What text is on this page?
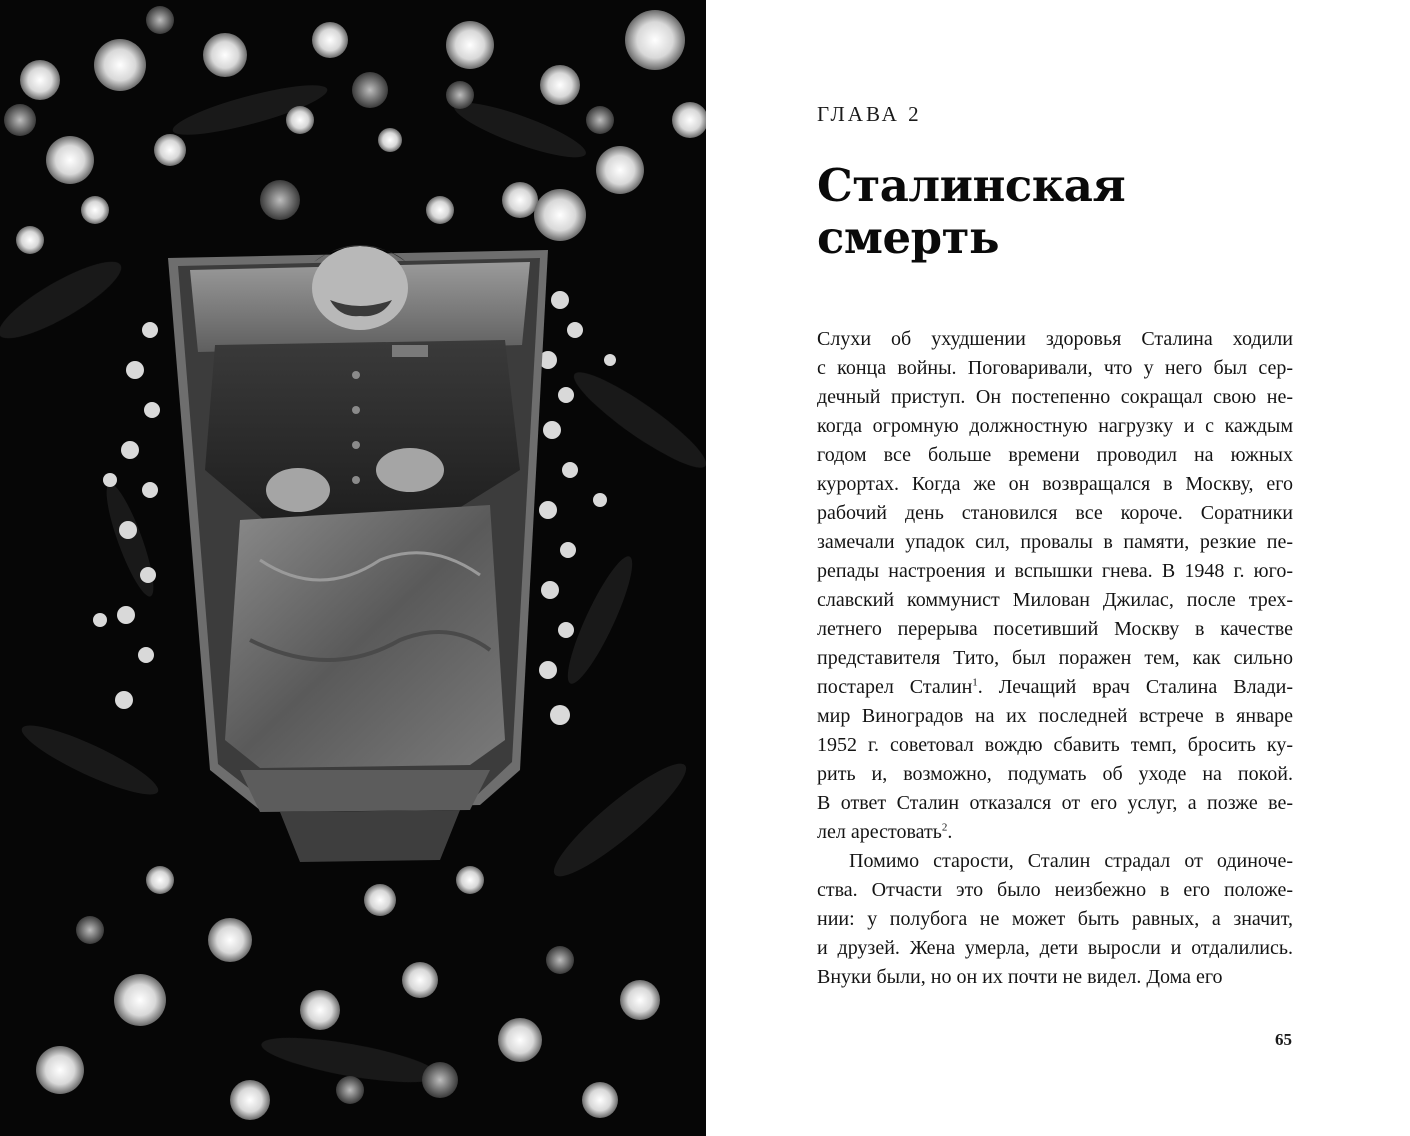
ГЛАВА 2
Сталинская
смерть
Слухи об ухудшении здоровья Сталина ходили
с конца войны. Поговаривали, что у него был сер-
дечный приступ. Он постепенно сокращал свою не-
когда огромную должностную нагрузку и с каждым
годом все больше времени проводил на южных
курортах. Когда же он возвращался в Москву, его
рабочий день становился все короче. Соратники
замечали упадок сил, провалы в памяти, резкие пе-
репады настроения и вспышки гнева. В 1948 г. юго-
славский коммунист Милован Джилас, после трех-
летнего перерыва посетивший Москву в качестве
представителя Тито, был поражен тем, как сильно
постарел Сталин$^1$. Лечащий врач Сталина Влади-
мир Виноградов на их последней встрече в январе
1952 г. советовал вождю сбавить темп, бросить ку-
рить и, возможно, подумать об уходе на покой.
В ответ Сталин отказался от его услуг, а позже ве-
лел арестовать$^2$.
Помимо старости, Сталин страдал от одиноче-
ства. Отчасти это было неизбежно в его положе-
нии: у полубога не может быть равных, а значит,
и друзей. Жена умерла, дети выросли и отдалились.
Внуки были, но он их почти не видел. Дома его
65
